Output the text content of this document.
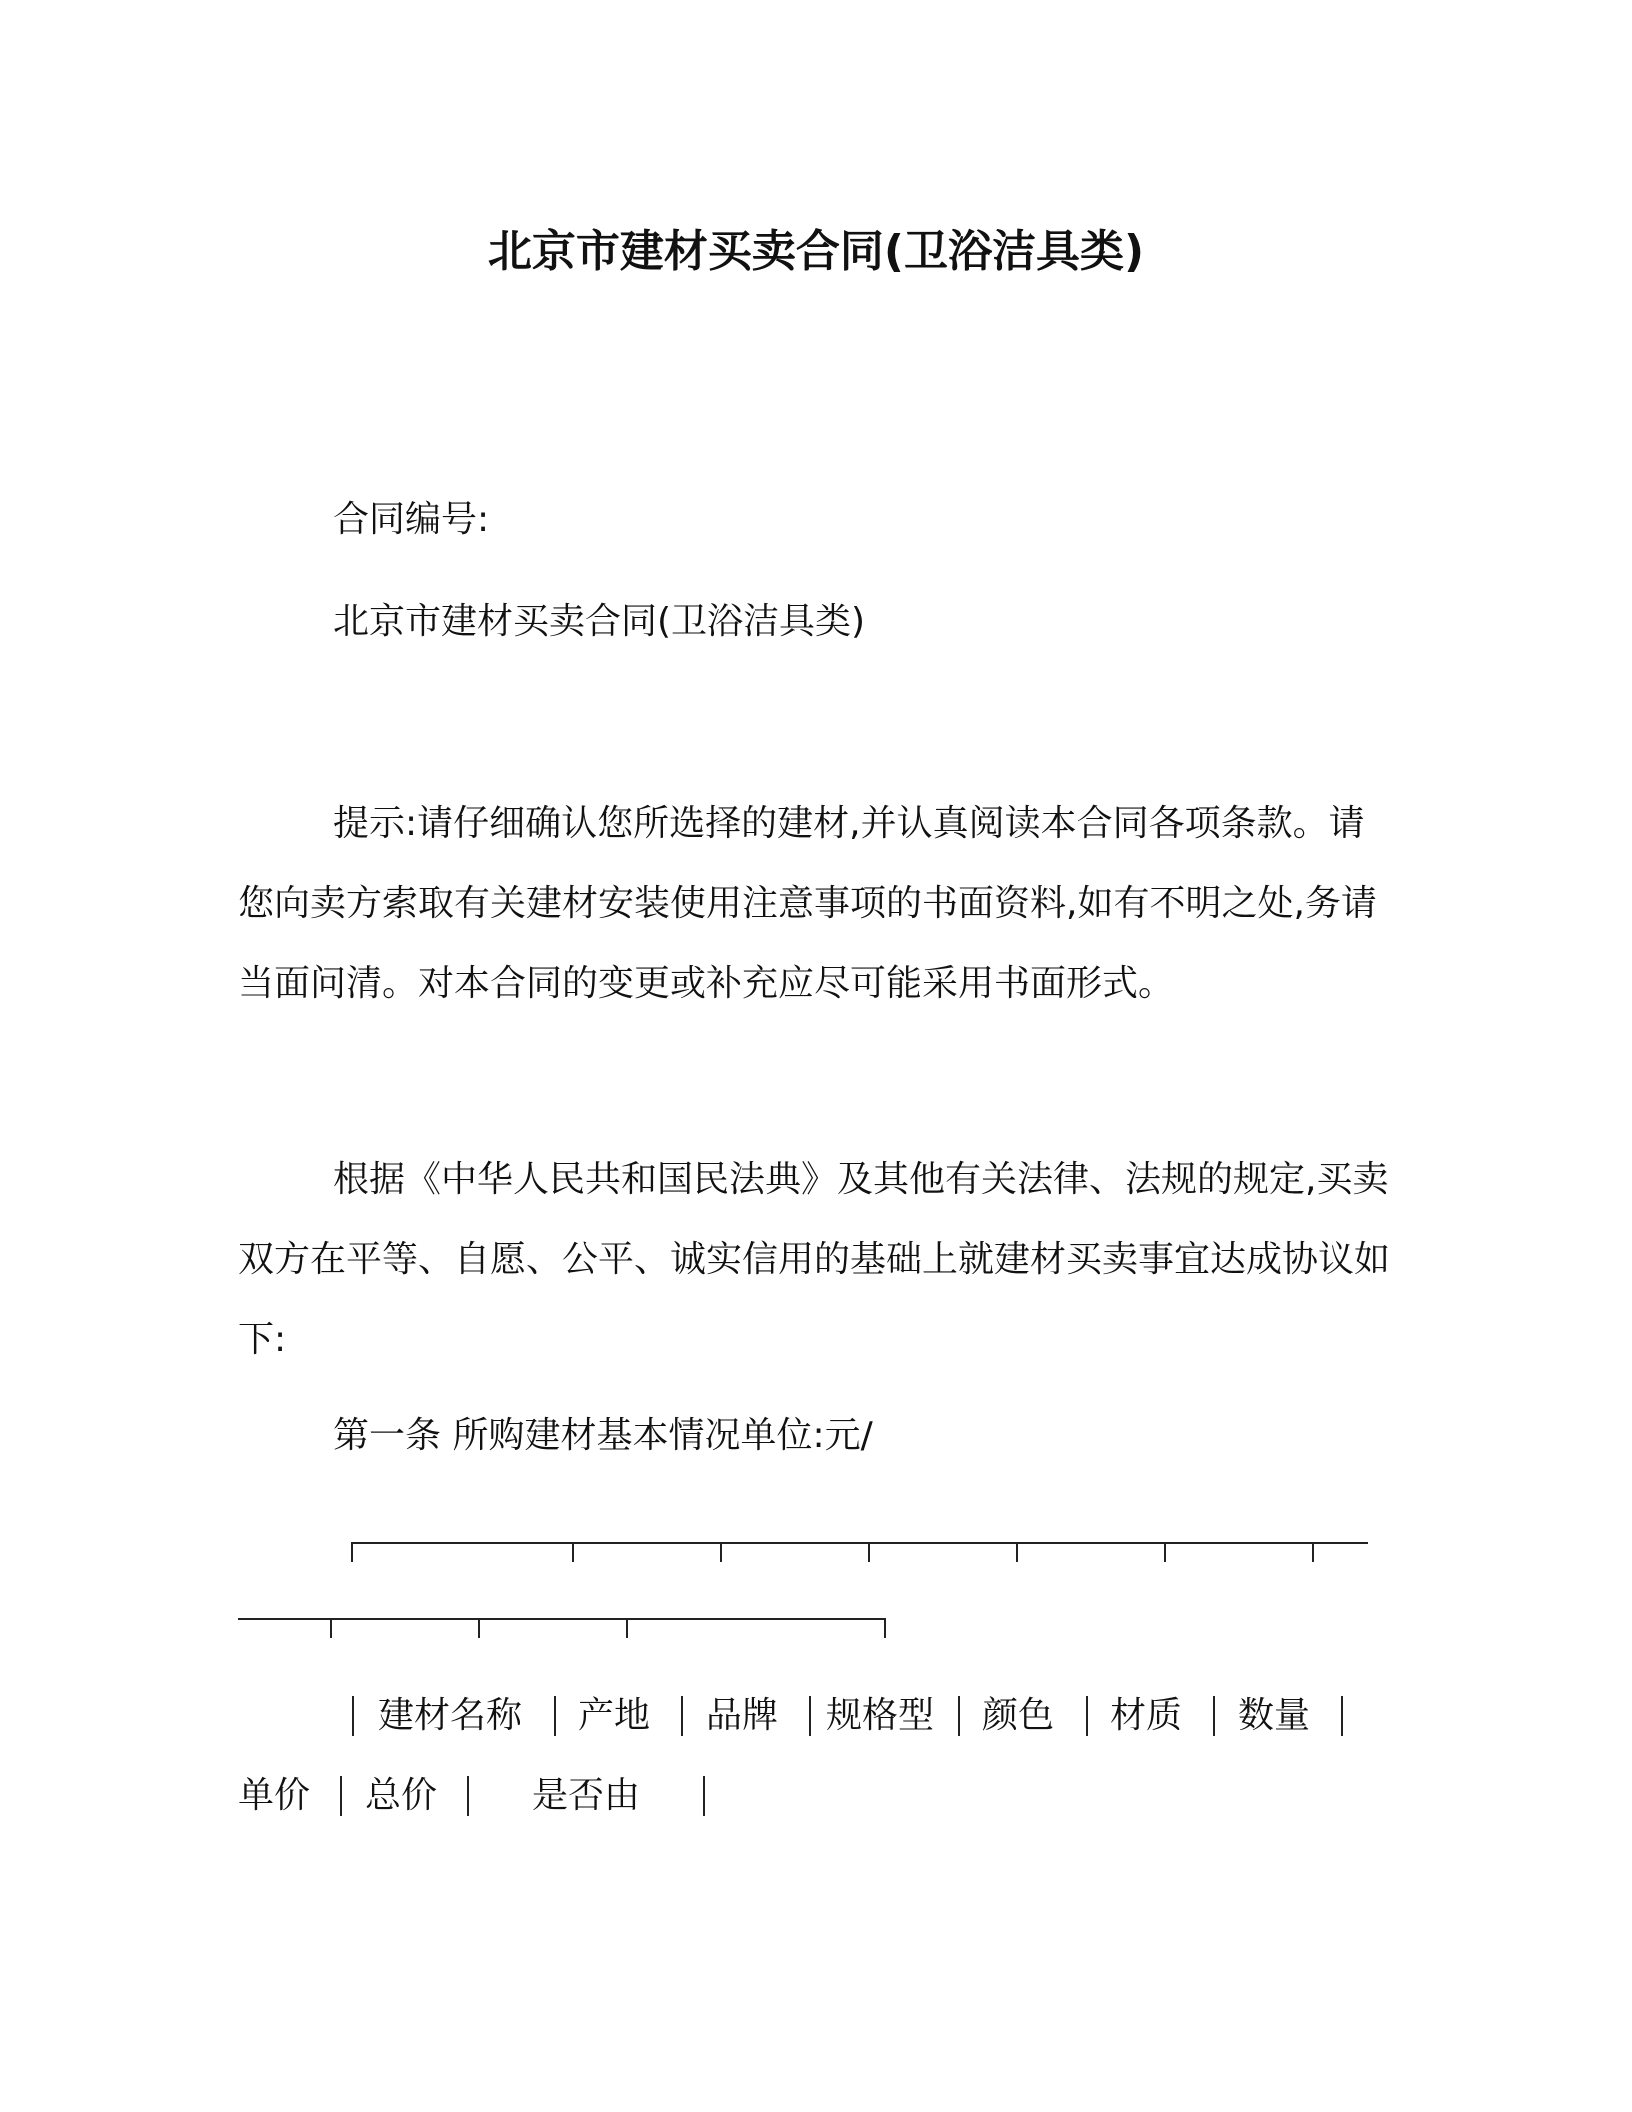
北京市建材买卖合同(卫浴洁具类)
合同编号:
北京市建材买卖合同(卫浴洁具类)
提示:请仔细确认您所选择的建材,并认真阅读本合同各项条款。请您向卖方索取有关建材安装使用注意事项的书面资料,如有不明之处,务请当面问清。对本合同的变更或补充应尽可能采用书面形式。
根据《中华人民共和国民法典》及其他有关法律、法规的规定,买卖双方在平等、自愿、公平、诚实信用的基础上就建材买卖事宜达成协议如下:
第一条 所购建材基本情况单位:元/
建材名称 产地 品牌 规格型 颜色 材质 数量
单价 总价	是否由
